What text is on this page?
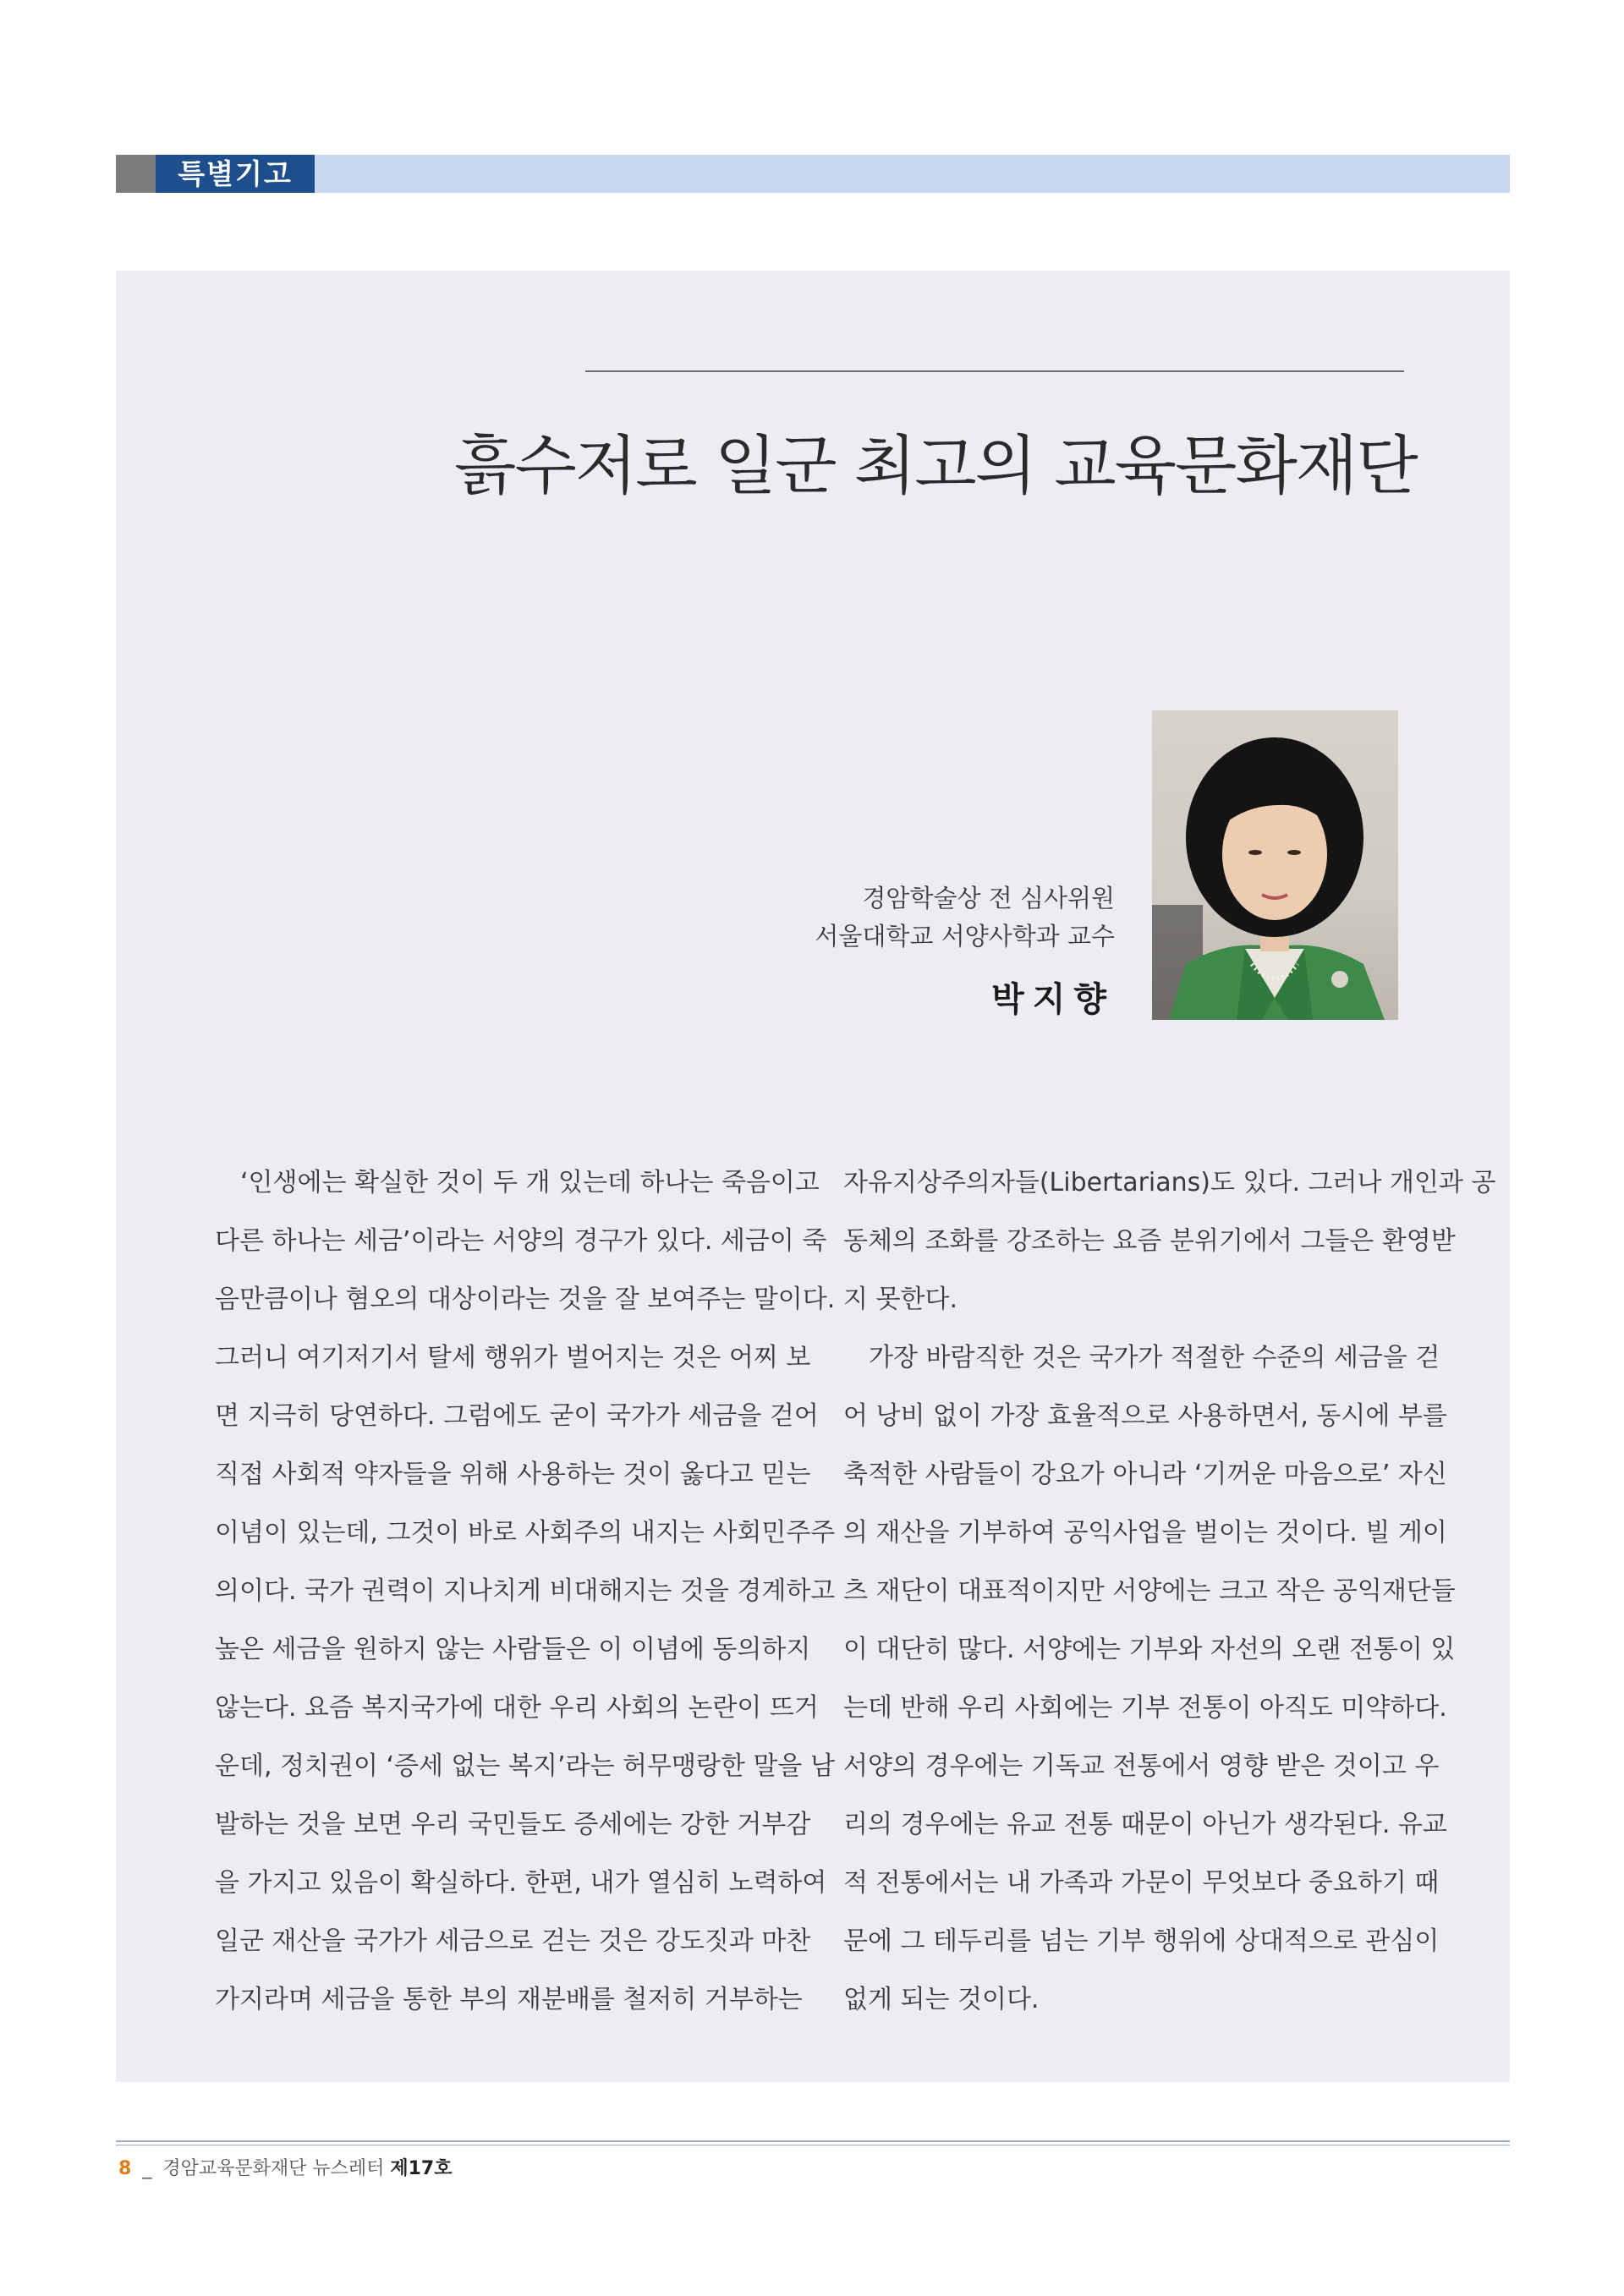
특별기고
흙수저로 일군 최고의 교육문화재단
경암학술상 전 심사위원
서울대학교 서양사학과 교수
박지향

‘인생에는 확실한 것이 두 개 있는데 하나는 죽음이고

다른 하나는 세금’이라는 서양의 경구가 있다. 세금이 죽

음만큼이나 혐오의 대상이라는 것을 잘 보여주는 말이다.

그러니 여기저기서 탈세 행위가 벌어지는 것은 어찌 보

면 지극히 당연하다. 그럼에도 굳이 국가가 세금을 걷어

직접 사회적 약자들을 위해 사용하는 것이 옳다고 믿는

이념이 있는데, 그것이 바로 사회주의 내지는 사회민주주

의이다. 국가 권력이 지나치게 비대해지는 것을 경계하고

높은 세금을 원하지 않는 사람들은 이 이념에 동의하지

않는다. 요즘 복지국가에 대한 우리 사회의 논란이 뜨거

운데, 정치권이 ‘증세 없는 복지’라는 허무맹랑한 말을 남

발하는 것을 보면 우리 국민들도 증세에는 강한 거부감

을 가지고 있음이 확실하다. 한편, 내가 열심히 노력하여

일군 재산을 국가가 세금으로 걷는 것은 강도짓과 마찬

가지라며 세금을 통한 부의 재분배를 철저히 거부하는

자유지상주의자들(Libertarians)도 있다. 그러나 개인과 공

동체의 조화를 강조하는 요즘 분위기에서 그들은 환영받

지 못한다.

가장 바람직한 것은 국가가 적절한 수준의 세금을 걷

어 낭비 없이 가장 효율적으로 사용하면서, 동시에 부를

축적한 사람들이 강요가 아니라 ‘기꺼운 마음으로’ 자신

의 재산을 기부하여 공익사업을 벌이는 것이다. 빌 게이

츠 재단이 대표적이지만 서양에는 크고 작은 공익재단들

이 대단히 많다. 서양에는 기부와 자선의 오랜 전통이 있

는데 반해 우리 사회에는 기부 전통이 아직도 미약하다.

서양의 경우에는 기독교 전통에서 영향 받은 것이고 우

리의 경우에는 유교 전통 때문이 아닌가 생각된다. 유교

적 전통에서는 내 가족과 가문이 무엇보다 중요하기 때

문에 그 테두리를 넘는 기부 행위에 상대적으로 관심이

없게 되는 것이다.

8 _ 경암교육문화재단 뉴스레터 제17호
